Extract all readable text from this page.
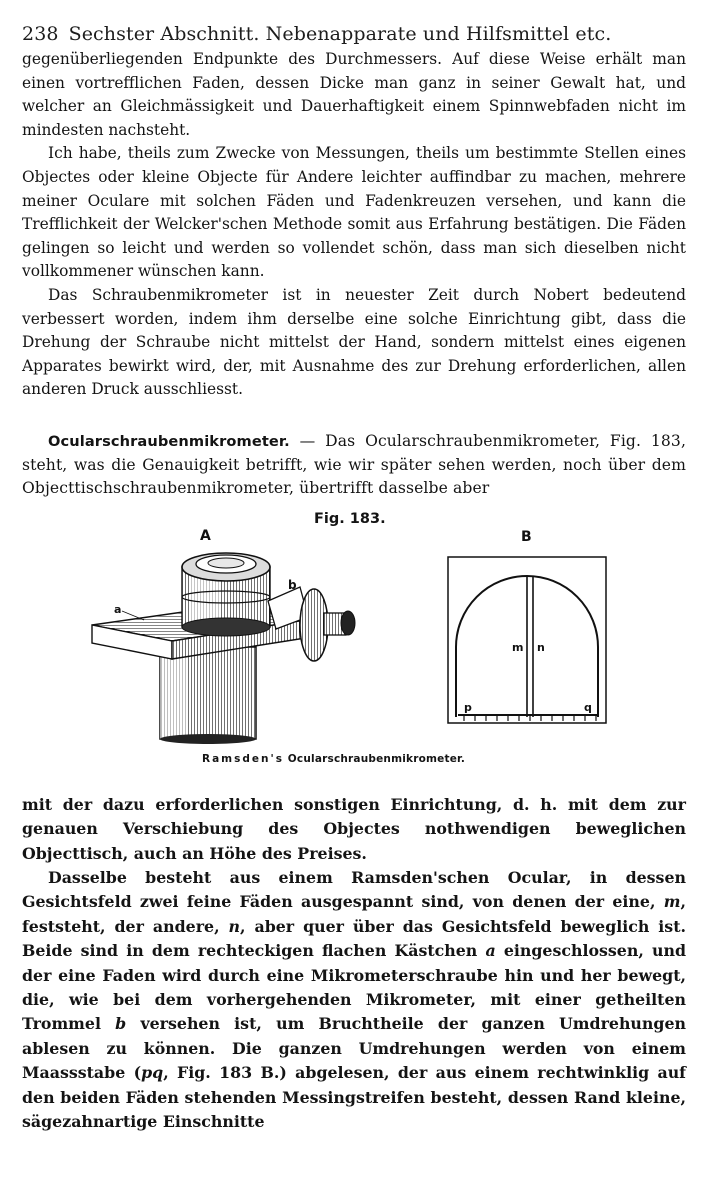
238 Sechster Abschnitt. Nebenapparate und Hilfsmittel etc.

gegenüberliegenden Endpunkte des Durchmessers. Auf diese Weise erhält man einen vortrefflichen Faden, dessen Dicke man ganz in seiner Gewalt hat, und welcher an Gleichmässigkeit und Dauerhaftigkeit einem Spinnwebfaden nicht im mindesten nachsteht.

Ich habe, theils zum Zwecke von Messungen, theils um bestimmte Stellen eines Objectes oder kleine Objecte für Andere leichter auffindbar zu machen, mehrere meiner Oculare mit solchen Fäden und Fadenkreuzen versehen, und kann die Trefflichkeit der Welcker'schen Methode somit aus Erfahrung bestätigen. Die Fäden gelingen so leicht und werden so vollendet schön, dass man sich dieselben nicht vollkommener wünschen kann.

Das Schraubenmikrometer ist in neuester Zeit durch Nobert bedeutend verbessert worden, indem ihm derselbe eine solche Einrichtung gibt, dass die Drehung der Schraube nicht mittelst der Hand, sondern mittelst eines eigenen Apparates bewirkt wird, der, mit Ausnahme des zur Drehung erforderlichen, allen anderen Druck ausschliesst.

Ocularschraubenmikrometer. — Das Ocularschraubenmikrometer, Fig. 183, steht, was die Genauigkeit betrifft, wie wir später sehen werden, noch über dem Objecttischschraubenmikrometer, übertrifft dasselbe aber

Fig. 183.
A
a
b
B
m n
p	q
Ramsden's Ocularschraubenmikrometer.

mit der dazu erforderlichen sonstigen Einrichtung, d. h. mit dem zur genauen Verschiebung des Objectes nothwendigen beweglichen Objecttisch, auch an Höhe des Preises.

Dasselbe besteht aus einem Ramsden'schen Ocular, in dessen Gesichtsfeld zwei feine Fäden ausgespannt sind, von denen der eine, m, feststeht, der andere, n, aber quer über das Gesichtsfeld beweglich ist. Beide sind in dem rechteckigen flachen Kästchen a eingeschlossen, und der eine Faden wird durch eine Mikrometerschraube hin und her bewegt, die, wie bei dem vorhergehenden Mikrometer, mit einer getheilten Trommel b versehen ist, um Bruchtheile der ganzen Umdrehungen ablesen zu können. Die ganzen Umdrehungen werden von einem Maassstabe (pq, Fig. 183 B.) abgelesen, der aus einem rechtwinklig auf den beiden Fäden stehenden Messingstreifen besteht, dessen Rand kleine, sägezahnartige Einschnitte
